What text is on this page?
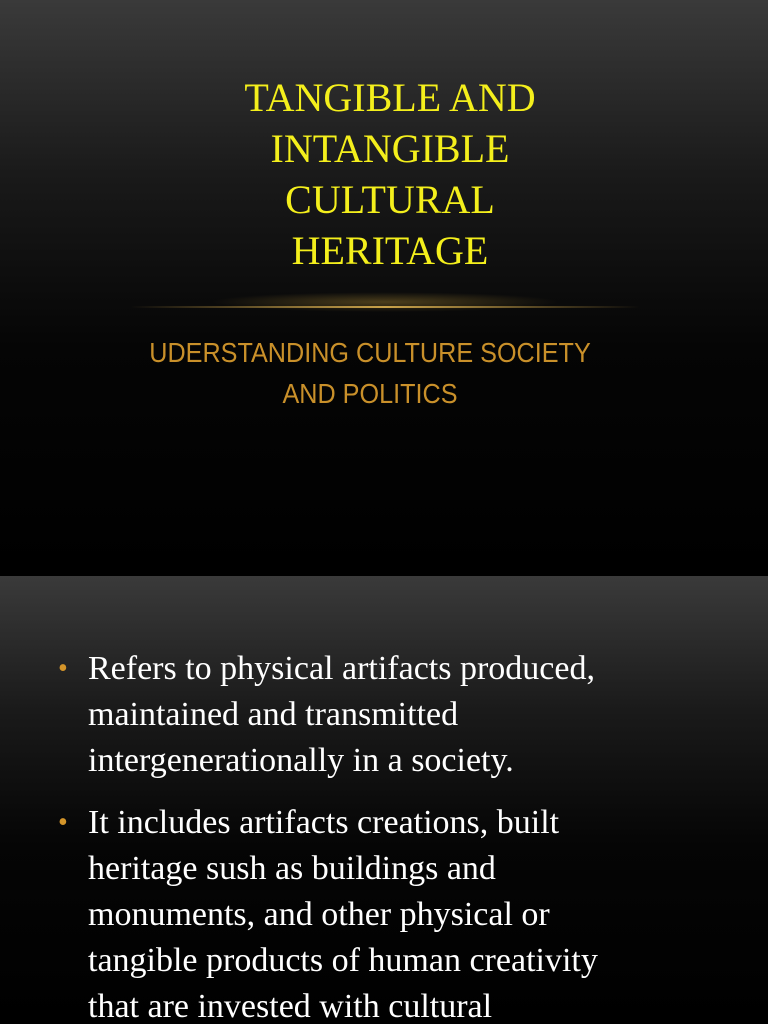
TANGIBLE AND
INTANGIBLE
CULTURAL
HERITAGE

UDERSTANDING CULTURE SOCIETY
AND POLITICS

• Refers to physical artifacts produced,
maintained and transmitted
intergenerationally in a society.
• It includes artifacts creations, built
heritage sush as buildings and
monuments, and other physical or
tangible products of human creativity
that are invested with cultural
